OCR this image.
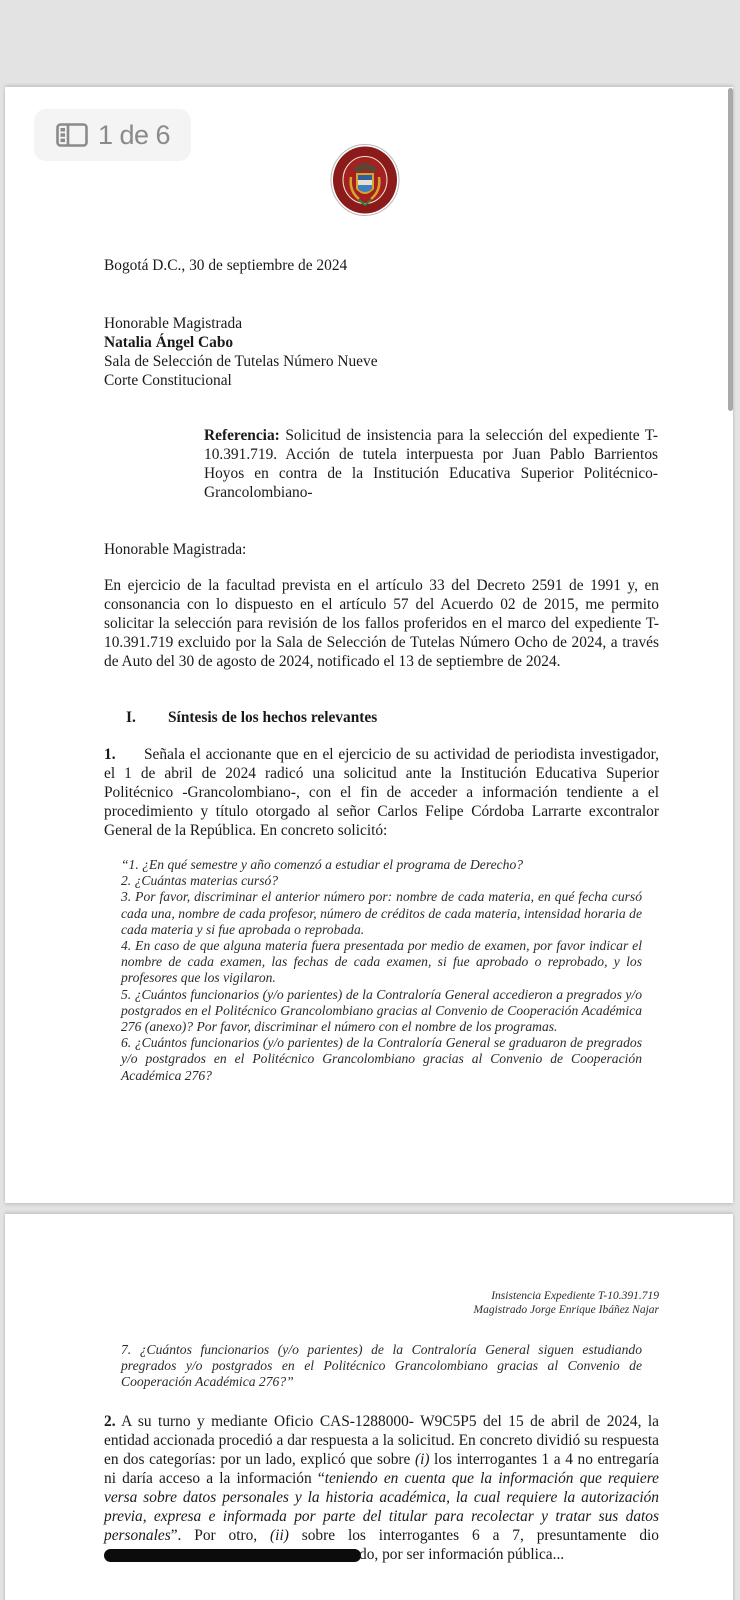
1 de 6
Bogotá D.C., 30 de septiembre de 2024
Honorable Magistrada
Natalia Ángel Cabo
Sala de Selección de Tutelas Número Nueve
Corte Constitucional
Referencia: Solicitud de insistencia para la selección del expediente T-10.391.719. Acción de tutela interpuesta por Juan Pablo Barrientos Hoyos en contra de la Institución Educativa Superior Politécnico-Grancolombiano-
Honorable Magistrada:
En ejercicio de la facultad prevista en el artículo 33 del Decreto 2591 de 1991 y, en consonancia con lo dispuesto en el artículo 57 del Acuerdo 02 de 2015, me permito solicitar la selección para revisión de los fallos proferidos en el marco del expediente T-10.391.719 excluido por la Sala de Selección de Tutelas Número Ocho de 2024, a través de Auto del 30 de agosto de 2024, notificado el 13 de septiembre de 2024.
I. Síntesis de los hechos relevantes
1. Señala el accionante que en el ejercicio de su actividad de periodista investigador, el 1 de abril de 2024 radicó una solicitud ante la Institución Educativa Superior Politécnico -Grancolombiano-, con el fin de acceder a información tendiente a el procedimiento y título otorgado al señor Carlos Felipe Córdoba Larrarte excontralor General de la República. En concreto solicitó:
“1. ¿En qué semestre y año comenzó a estudiar el programa de Derecho?
2. ¿Cuántas materias cursó?
3. Por favor, discriminar el anterior número por: nombre de cada materia, en qué fecha cursó cada una, nombre de cada profesor, número de créditos de cada materia, intensidad horaria de cada materia y si fue aprobada o reprobada.
4. En caso de que alguna materia fuera presentada por medio de examen, por favor indicar el nombre de cada examen, las fechas de cada examen, si fue aprobado o reprobado, y los profesores que los vigilaron.
5. ¿Cuántos funcionarios (y/o parientes) de la Contraloría General accedieron a pregrados y/o postgrados en el Politécnico Grancolombiano gracias al Convenio de Cooperación Académica 276 (anexo)? Por favor, discriminar el número con el nombre de los programas.
6. ¿Cuántos funcionarios (y/o parientes) de la Contraloría General se graduaron de pregrados y/o postgrados en el Politécnico Grancolombiano gracias al Convenio de Cooperación Académica 276?
Insistencia Expediente T-10.391.719
Magistrado Jorge Enrique Ibáñez Najar
7. ¿Cuántos funcionarios (y/o parientes) de la Contraloría General siguen estudiando pregrados y/o postgrados en el Politécnico Grancolombiano gracias al Convenio de Cooperación Académica 276?”
2. A su turno y mediante Oficio CAS-1288000- W9C5P5 del 15 de abril de 2024, la entidad accionada procedió a dar respuesta a la solicitud. En concreto dividió su respuesta en dos categorías: por un lado, explicó que sobre (i) los interrogantes 1 a 4 no entregaría ni daría acceso a la información “teniendo en cuenta que la información que requiere versa sobre datos personales y la historia académica, la cual requiere la autorización previa, expresa e informada por parte del titular para recolectar y tratar sus datos personales”. Por otro, (ii) sobre los interrogantes 6 a 7, presuntamente dio do, por ser información pública...
